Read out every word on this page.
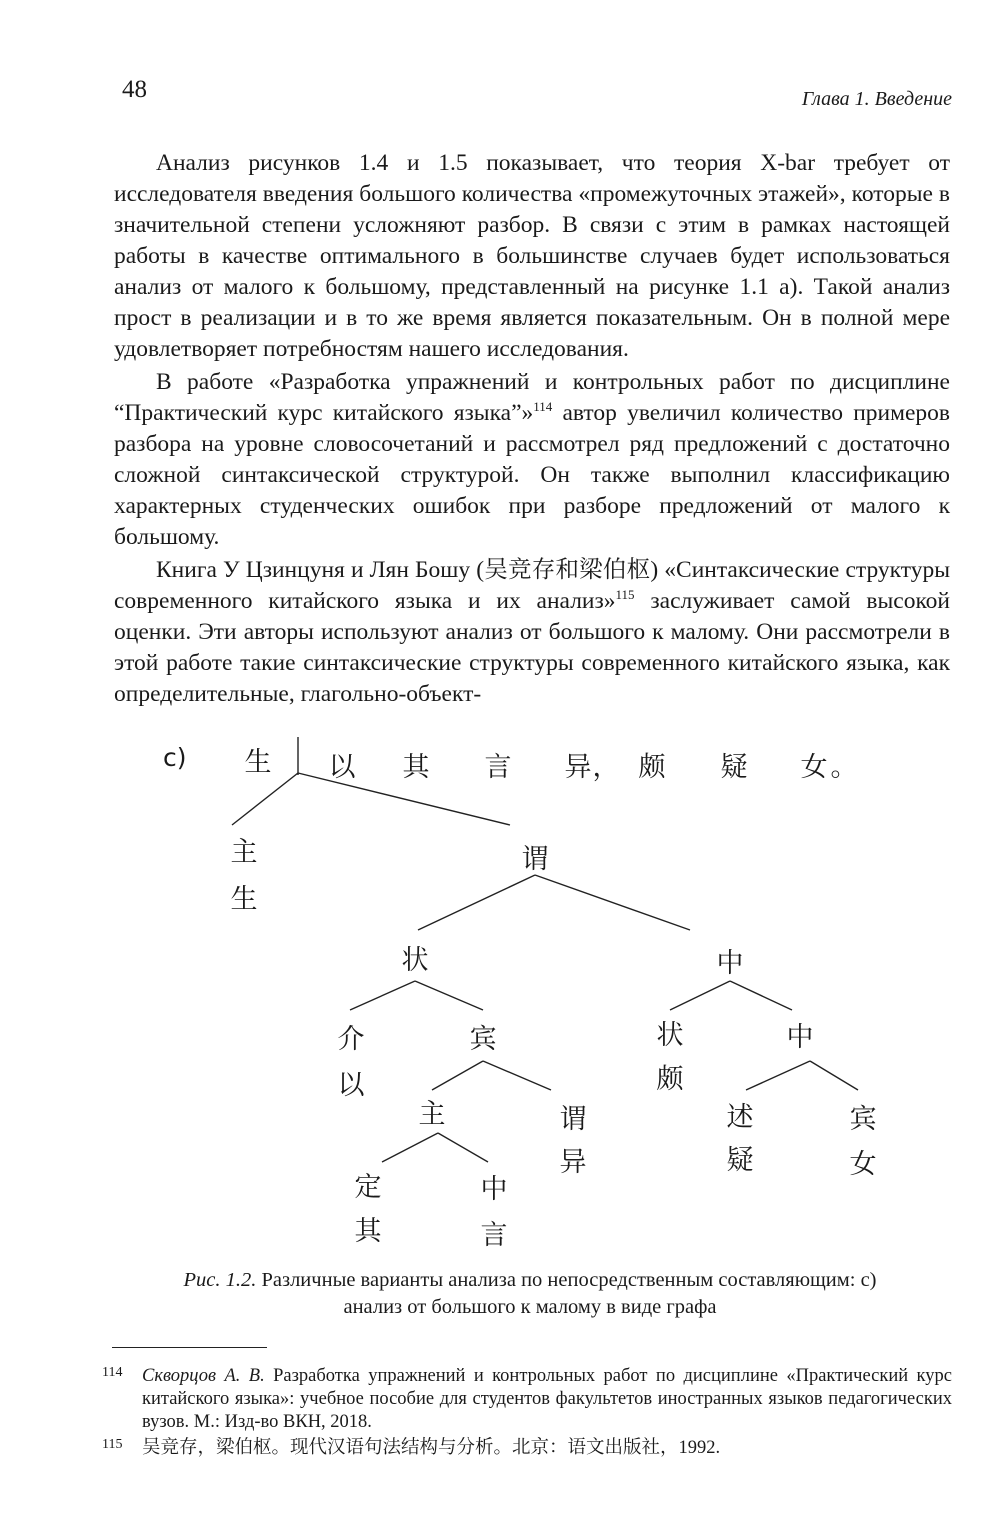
48	Глава 1. Введение

Анализ рисунков 1.4 и 1.5 показывает, что теория X-bar требует от исследователя введения большого количества «промежуточных этажей», которые в значительной степени усложняют разбор. В связи с этим в рамках настоящей работы в качестве оптимального в большинстве случаев будет использоваться анализ от малого к большому, представленный на рисунке 1.1 а). Такой анализ прост в реализации и в то же время является показательным. Он в полной мере удовлетворяет потребностям нашего исследования.

В работе «Разработка упражнений и контрольных работ по дисциплине “Практический курс китайского языка”»$^{114}$ автор увеличил количество примеров разбора на уровне словосочетаний и рассмотрел ряд предложений с достаточно сложной синтаксической структурой. Он также выполнил классификацию характерных студенческих ошибок при разборе предложений от малого к большому.

Книга У Цзинцуня и Лян Бошу (吴竞存和梁伯枢) «Синтаксические структуры современного китайского языка и их анализ»$^{115}$ заслуживает самой высокой оценки. Эти авторы используют анализ от большого к малому. Они рассмотрели в этой работе такие синтаксические структуры современного китайского языка, как определительные, глагольно-объект-

c) 生 以 其 言 异 ， 颇 疑 女 。
主
生
谓
状	中
介
以
宾	状
颇
中
主	谓
异
述
疑
宾
女
定
其
中
言
Рис. 1.2. Различные варианты анализа по непосредственным составляющим: c) анализ от большого к малому в виде графа
114 Скворцов А. В. Разработка упражнений и контрольных работ по дисциплине «Практический курс китайского языка»: учебное пособие для студентов факультетов иностранных языков педагогических вузов. М.: Изд-во ВКН, 2018.
115 吴竞存，梁伯枢。现代汉语句法结构与分析。北京：语文出版社，1992.
